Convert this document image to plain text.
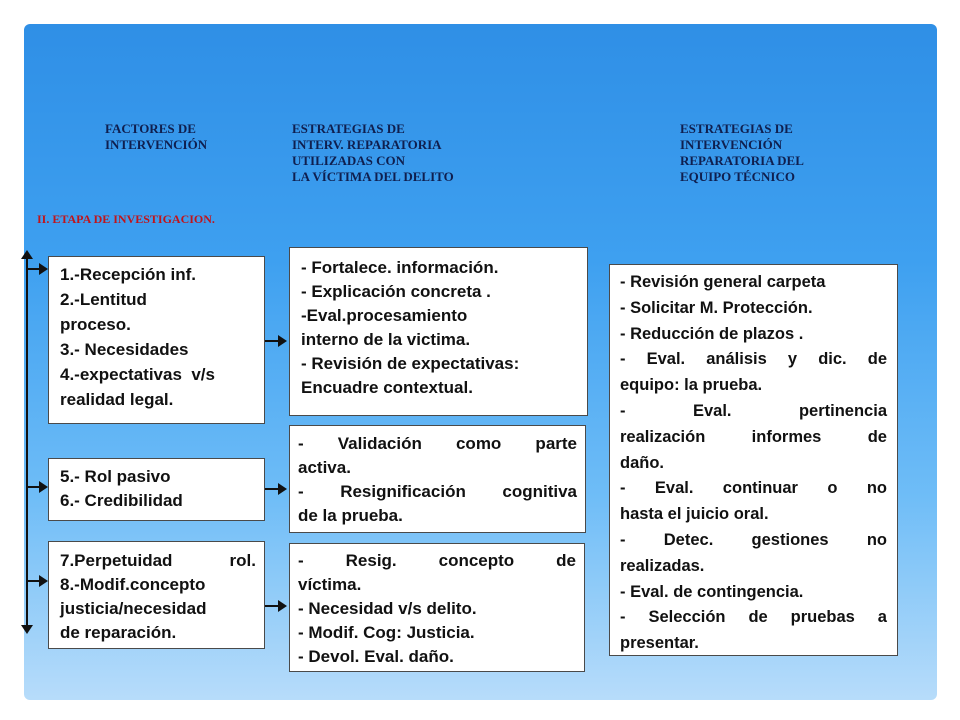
FACTORES DE
INTERVENCIÓN
ESTRATEGIAS DE
INTERV. REPARATORIA
UTILIZADAS CON
LA VÍCTIMA DEL DELITO
ESTRATEGIAS DE
INTERVENCIÓN
REPARATORIA DEL
EQUIPO TÉCNICO
II. ETAPA DE INVESTIGACION.
1.-Recepción inf.
2.-Lentitud
proceso.
3.- Necesidades
4.-expectativas  v/s
realidad legal.
5.- Rol pasivo
6.- Credibilidad
7.Perpetuidad rol.
8.-Modif.concepto
justicia/necesidad
de reparación.
- Fortalece. información.
- Explicación concreta .
-Eval.procesamiento
interno de la victima.
- Revisión de expectativas:
Encuadre contextual.
- Validación como parte
activa.
- Resignificación cognitiva
de la prueba.
- Resig. concepto de
víctima.
- Necesidad v/s delito.
- Modif. Cog: Justicia.
- Devol. Eval. daño.
- Revisión general carpeta
- Solicitar M. Protección.
- Reducción de plazos .
- Eval. análisis y dic. de
equipo: la prueba.
- Eval. pertinencia
realización informes de
daño.
- Eval. continuar o no
hasta el juicio oral.
- Detec. gestiones no
realizadas.
- Eval. de contingencia.
- Selección de pruebas a
presentar.
